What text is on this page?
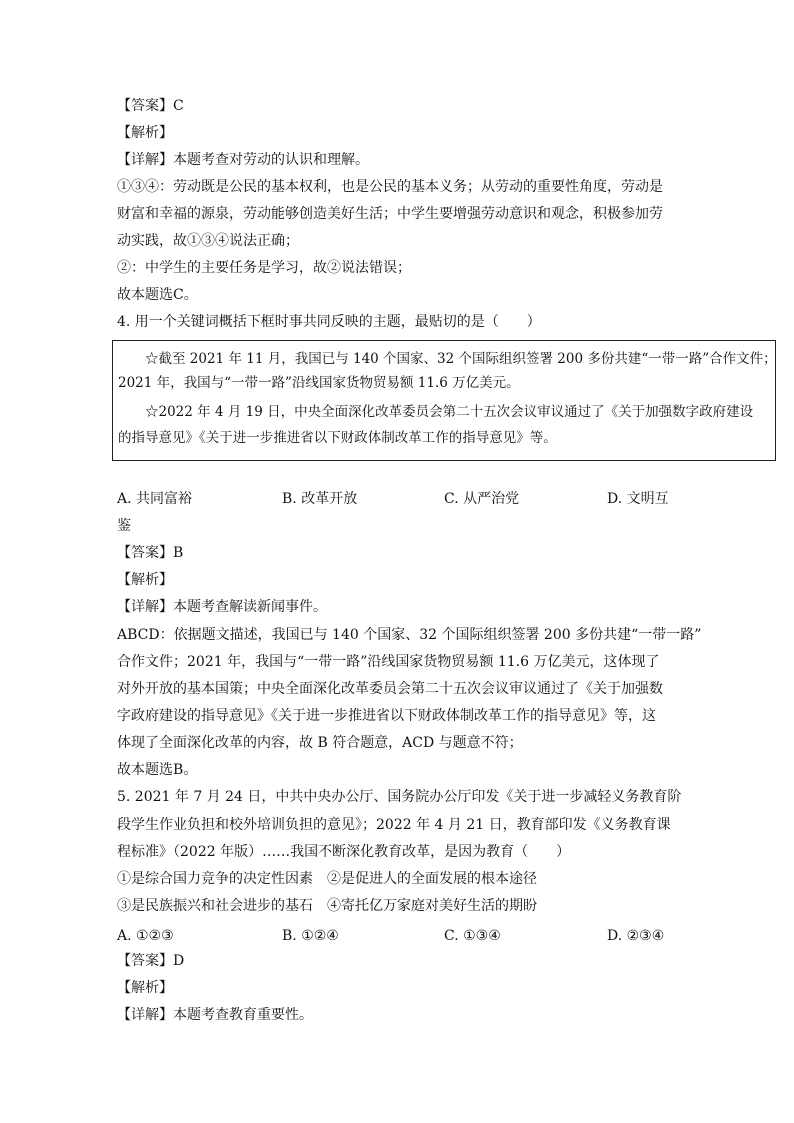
【答案】C
【解析】
【详解】本题考查对劳动的认识和理解。
①③④：劳动既是公民的基本权利，也是公民的基本义务；从劳动的重要性角度，劳动是
财富和幸福的源泉，劳动能够创造美好生活；中学生要增强劳动意识和观念，积极参加劳
动实践，故①③④说法正确；
②：中学生的主要任务是学习，故②说法错误；
故本题选C。
4. 用一个关键词概括下框时事共同反映的主题，最贴切的是（　　）
☆截至 2021 年 11 月，我国已与 140 个国家、32 个国际组织签署 200 多份共建“一带一路”合作文件；
2021 年，我国与“一带一路”沿线国家货物贸易额 11.6 万亿美元。
☆2022 年 4 月 19 日，中央全面深化改革委员会第二十五次会议审议通过了《关于加强数字政府建设
的指导意见》《关于进一步推进省以下财政体制改革工作的指导意见》等。
A. 共同富裕	B. 改革开放	C. 从严治党	D. 文明互
鉴
【答案】B
【解析】
【详解】本题考查解读新闻事件。
ABCD：依据题文描述，我国已与 140 个国家、32 个国际组织签署 200 多份共建“一带一路”
合作文件；2021 年，我国与“一带一路”沿线国家货物贸易额 11.6 万亿美元，这体现了
对外开放的基本国策；中央全面深化改革委员会第二十五次会议审议通过了《关于加强数
字政府建设的指导意见》《关于进一步推进省以下财政体制改革工作的指导意见》等，这
体现了全面深化改革的内容，故 B 符合题意，ACD 与题意不符；
故本题选B。
5. 2021 年 7 月 24 日，中共中央办公厅、国务院办公厅印发《关于进一步减轻义务教育阶
段学生作业负担和校外培训负担的意见》；2022 年 4 月 21 日，教育部印发《义务教育课
程标准》（2022 年版）……我国不断深化教育改革，是因为教育（　　）
①是综合国力竞争的决定性因素　②是促进人的全面发展的根本途径
③是民族振兴和社会进步的基石　④寄托亿万家庭对美好生活的期盼
A. ①②③	B. ①②④	C. ①③④	D. ②③④
【答案】D
【解析】
【详解】本题考查教育重要性。
